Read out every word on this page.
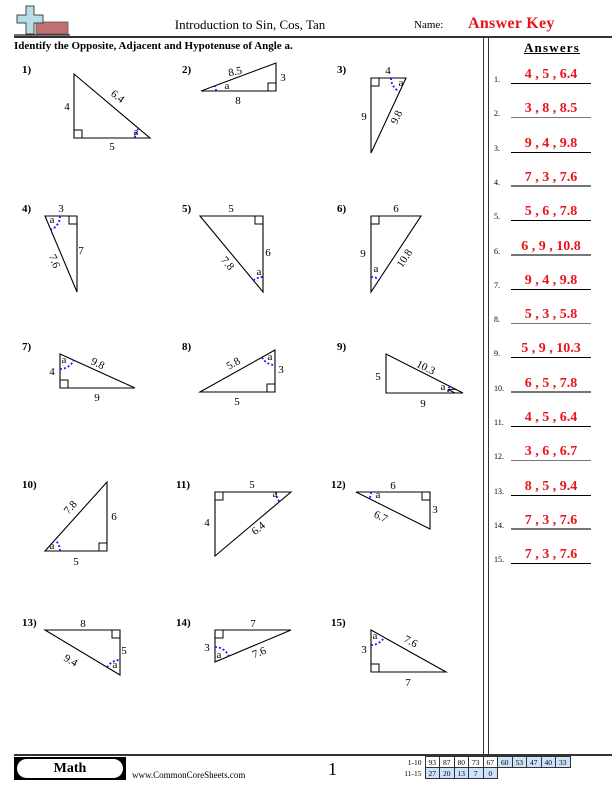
Introduction to Sin, Cos, Tan	Name: Answer Key
Identify the Opposite, Adjacent and Hypotenuse of Angle a.	Answers
1.	4 , 5 , 6.4
2.	3 , 8 , 8.5
3.	9 , 4 , 9.8
4.	7 , 3 , 7.6
5.	5 , 6 , 7.8
6.	6 , 9 , 10.8
7.	9 , 4 , 9.8
8.	5 , 3 , 5.8
9.	5 , 9 , 10.3
10.	6 , 5 , 7.8
11.	4 , 5 , 6.4
12.	3 , 6 , 6.7
13.	8 , 5 , 9.4
14.	7 , 3 , 7.6
15.	7 , 3 , 7.6
1)
a
4
5
6.4
2)
a
8
3
8.5	3)
a
4
9 9.8
4)
a
3
7
7.6
5)
a
5
6
7.8
6)
a
6
9	10.8
7)
a
4
9
9.8
8)
a
5
3
5.8
9)
a
5
9
10.3
10)
a
5
6
7.8
11)
a
5
4	6.4
12)
a
6
3
6.7
13)
a
8
5
9.4
14)
a
7
3	7.6
15)
a
3
7
7.6
Math	www.CommonCoreSheets.com	1	1-10	93	87	80	73	67	60	53	47	40	33
11-15	27	20	13	7	0					
